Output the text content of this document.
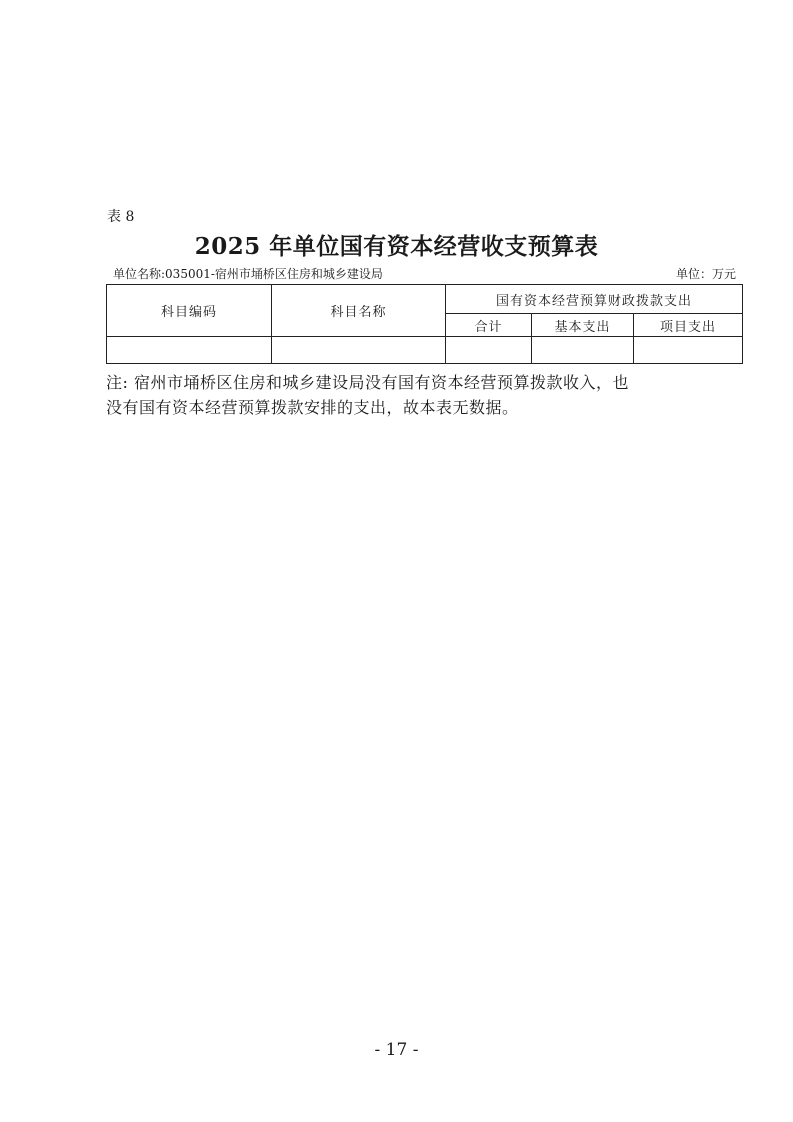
表 8
2025 年单位国有资本经营收支预算表
单位名称:035001-宿州市埇桥区住房和城乡建设局	单位：万元
科目编码	科目名称	国有资本经营预算财政拨款支出		
		合计	基本支出	项目支出

注: 宿州市埇桥区住房和城乡建设局没有国有资本经营预算拨款收入，也
没有国有资本经营预算拨款安排的支出，故本表无数据。
- 17 -
